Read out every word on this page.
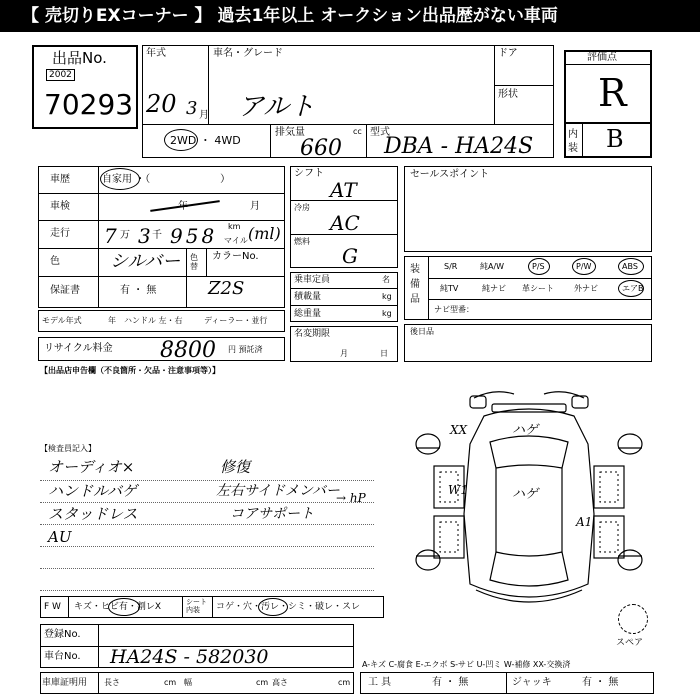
【 売切りEXコーナー 】 過去1年以上 オークション出品歴がない車両
出品No.
2002
70293
年式
20 3 月
車名・グレード
アルト
ドア
形状
2WD ・ 4WD
排気量	cc
660
型式
DBA - HA24S
評価点
R
内装 B
車歴	自家用 ・（　　　　　　　）
車検	年	月
走行 7 万 3 千 958 km
マイル (ml)
色	シルバー 色替
カラーNo.
保証書	有 ・ 無	Z2S
モデル年式	年 ハンドル 左・右	ディーラー・並行
リサイクル料金 8800 円 預託済
シフト
AT
冷房
AC
燃料
G
乗車定員	名
積載量	kg
総重量	kg
名変期限
月	日
セールスポイント
装備品
S/R	純A/W	P/S	P/W	ABS
純TV	純ナビ 革シート	外ナビ	エアB
ナビ型番：
後日品
【出品店申告欄（不良箇所・欠品・注意事項等）】
【検査員記入】
オーディオ×
ハンドルバゲ
スタッドレス
AU
修復
左右サイドメンバー
コアサポート
→ hP
XX	ハゲ
W1	ハゲ
A1
スペア
F W キズ・ヒビ有・割レX	シート内装	コゲ・穴・汚レ・シミ・破レ・スレ
登録No.
車台No. HA24S - 582030
車庫証明用 長さ	cm 幅	cm 高さ	cm
A-キズ C-腐食 E-エクボ S-サビ U-凹ミ W-補修 XX-交換済
工 具	有 ・ 無	ジャッキ	有 ・ 無
